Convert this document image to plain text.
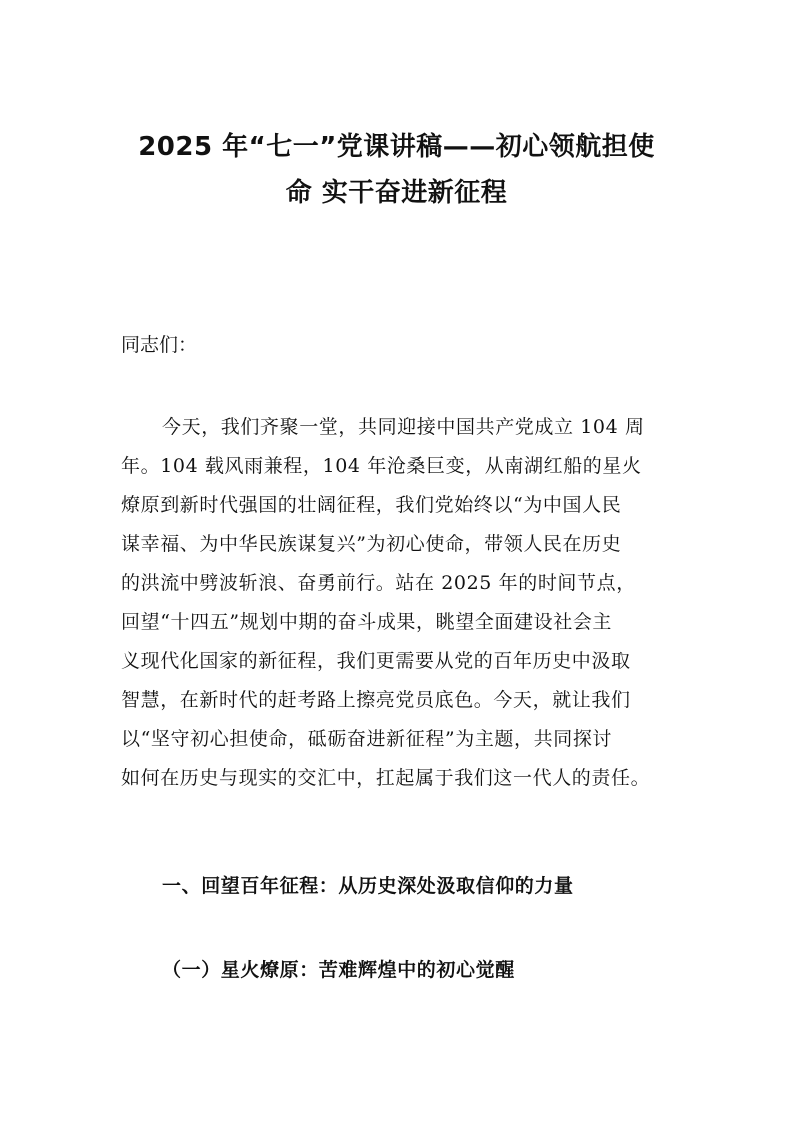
2025 年“七一”党课讲稿——初心领航担使
命 实干奋进新征程

同志们：

今天，我们齐聚一堂，共同迎接中国共产党成立 104 周
年。104 载风雨兼程，104 年沧桑巨变，从南湖红船的星火
燎原到新时代强国的壮阔征程，我们党始终以“为中国人民
谋幸福、为中华民族谋复兴”为初心使命，带领人民在历史
的洪流中劈波斩浪、奋勇前行。站在 2025 年的时间节点，
回望“十四五”规划中期的奋斗成果，眺望全面建设社会主
义现代化国家的新征程，我们更需要从党的百年历史中汲取
智慧，在新时代的赶考路上擦亮党员底色。今天，就让我们
以“坚守初心担使命，砥砺奋进新征程”为主题，共同探讨
如何在历史与现实的交汇中，扛起属于我们这一代人的责任。

一、回望百年征程：从历史深处汲取信仰的力量
（一）星火燎原：苦难辉煌中的初心觉醒
